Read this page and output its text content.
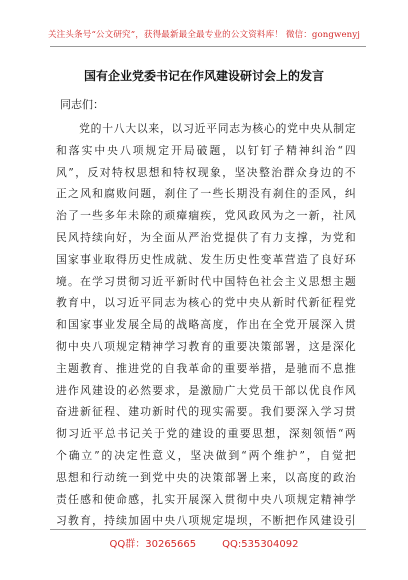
关注头条号“公文研究”，获得最新最全最专业的公文资料库！ 微信：gongwenyj
国有企业党委书记在作风建设研讨会上的发言
同志们：
　　党的十八大以来，以习近平同志为核心的党中央从制定
和落实中央八项规定开局破题，以钉钉子精神纠治“四
风”，反对特权思想和特权现象，坚决整治群众身边的不
正之风和腐败问题，刹住了一些长期没有刹住的歪风，纠
治了一些多年未除的顽瘴痼疾，党风政风为之一新，社风
民风持续向好，为全面从严治党提供了有力支撑，为党和
国家事业取得历史性成就、发生历史性变革营造了良好环
境。在学习贯彻习近平新时代中国特色社会主义思想主题
教育中，以习近平同志为核心的党中央从新时代新征程党
和国家事业发展全局的战略高度，作出在全党开展深入贯
彻中央八项规定精神学习教育的重要决策部署，这是深化
主题教育、推进党的自我革命的重要举措，是驰而不息推
进作风建设的必然要求，是激励广大党员干部以优良作风
奋进新征程、建功新时代的现实需要。我们要深入学习贯
彻习近平总书记关于党的建设的重要思想，深刻领悟“两
个确立”的决定性意义，坚决做到“两个维护”，自觉把
思想和行动统一到党中央的决策部署上来，以高度的政治
责任感和使命感，扎实开展深入贯彻中央八项规定精神学
习教育，持续加固中央八项规定堤坝，不断把作风建设引
QQ群：30265665	QQ:535304092
